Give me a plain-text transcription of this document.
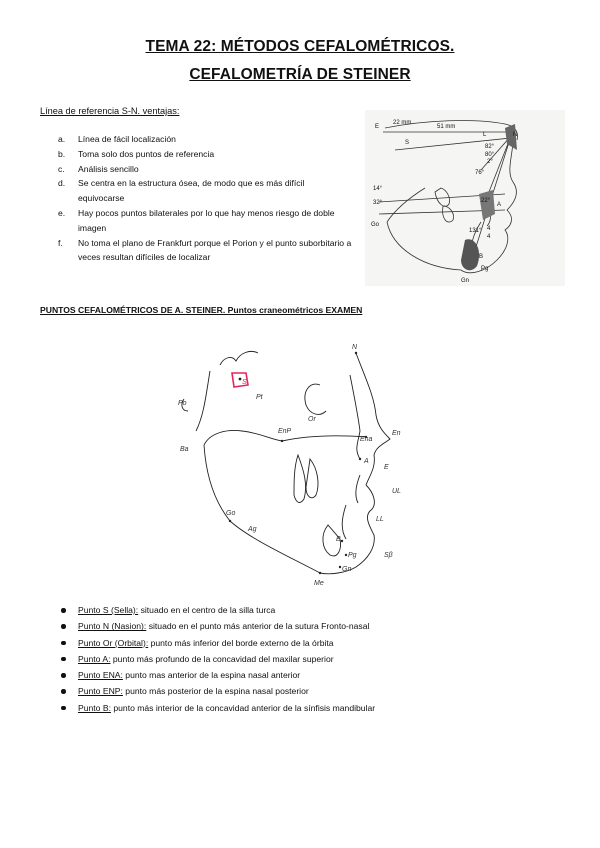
TEMA 22: MÉTODOS CEFALOMÉTRICOS.
CEFALOMETRÍA DE STEINER
Línea de referencia S-N. ventajas:
a. Línea de fácil localización
b. Toma solo dos puntos de referencia
c. Análisis sencillo
d. Se centra en la estructura ósea, de modo que es más difícil equivocarse
e. Hay pocos puntos bilaterales por lo que hay menos riesgo de doble imagen
f. No toma el plano de Frankfurt porque el Porion y el punto suborbitario a veces resultan difíciles de localizar
E
22 mm
51 mm
L	N
S
82°
80°
2°
76°
14°
32°
Go
A
131° 4
4
22°
B
Pg
Gn
PUNTOS CEFALOMÉTRICOS DE A. STEINER. Puntos craneométricos EXAMEN
S
N
Or
Po
Pt
Ba
EnP
Ena
En
A
E
UL
LL
Go
Ag
B
Pg
Gn
Me
Sβ
Punto S (Sella): situado en el centro de la silla turca
Punto N (Nasion): situado en el punto más anterior de la sutura Fronto-nasal
Punto Or (Orbital): punto más inferior del borde externo de la órbita
Punto A: punto más profundo de la concavidad del maxilar superior
Punto ENA: punto mas anterior de la espina nasal anterior
Punto ENP: punto más posterior de la espina nasal posterior
Punto B: punto más interior de la concavidad anterior de la sínfisis mandibular
